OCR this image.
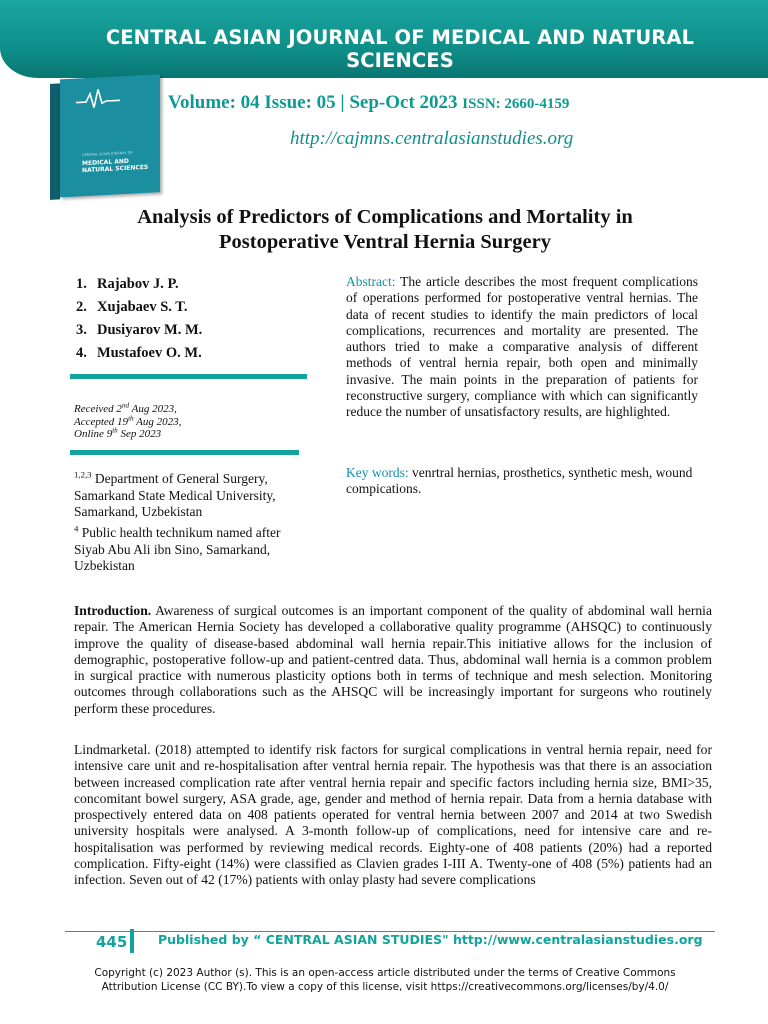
CENTRAL ASIAN JOURNAL OF MEDICAL AND NATURAL SCIENCES
CENTRAL ASIAN JOURNAL OF
MEDICAL AND NATURAL SCIENCES
Volume: 04 Issue: 05 | Sep-Oct 2023 ISSN: 2660-4159
http://cajmns.centralasianstudies.org
Analysis of Predictors of Complications and Mortality in
Postoperative Ventral Hernia Surgery
1. Rajabov J. P.
2. Xujabaev S. T.
3. Dusiyarov M. M.
4. Mustafoev O. M.
Received 2nd Aug 2023,
Accepted 19th Aug 2023,
Online 9th Sep 2023
$^{1,2,3}$ Department of General Surgery, Samarkand State Medical University, Samarkand, Uzbekistan
$^4$ Public health technikum named after Siyab Abu Ali ibn Sino, Samarkand, Uzbekistan
Abstract: The article describes the most frequent complications of operations performed for postoperative ventral hernias. The data of recent studies to identify the main predictors of local complications, recurrences and mortality are presented. The authors tried to make a comparative analysis of different methods of ventral hernia repair, both open and minimally invasive. The main points in the preparation of patients for reconstructive surgery, compliance with which can significantly reduce the number of unsatisfactory results, are highlighted.
Key words: venrtral hernias, prosthetics, synthetic mesh, wound compications.
Introduction. Awareness of surgical outcomes is an important component of the quality of abdominal wall hernia repair. The American Hernia Society has developed a collaborative quality programme (AHSQC) to continuously improve the quality of disease-based abdominal wall hernia repair.This initiative allows for the inclusion of demographic, postoperative follow-up and patient-centred data. Thus, abdominal wall hernia is a common problem in surgical practice with numerous plasticity options both in terms of technique and mesh selection. Monitoring outcomes through collaborations such as the AHSQC will be increasingly important for surgeons who routinely perform these procedures.
Lindmarketal. (2018) attempted to identify risk factors for surgical complications in ventral hernia repair, need for intensive care unit and re-hospitalisation after ventral hernia repair. The hypothesis was that there is an association between increased complication rate after ventral hernia repair and specific factors including hernia size, BMI>35, concomitant bowel surgery, ASA grade, age, gender and method of hernia repair. Data from a hernia database with prospectively entered data on 408 patients operated for ventral hernia between 2007 and 2014 at two Swedish university hospitals were analysed. A 3-month follow-up of complications, need for intensive care and re-hospitalisation was performed by reviewing medical records. Eighty-one of 408 patients (20%) had a reported complication. Fifty-eight (14%) were classified as Clavien grades I-III A. Twenty-one of 408 (5%) patients had an infection. Seven out of 42 (17%) patients with onlay plasty had severe complications
445 Published by “ CENTRAL ASIAN STUDIES" http://www.centralasianstudies.org
Copyright (c) 2023 Author (s). This is an open-access article distributed under the terms of Creative Commons
Attribution License (CC BY).To view a copy of this license, visit https://creativecommons.org/licenses/by/4.0/
